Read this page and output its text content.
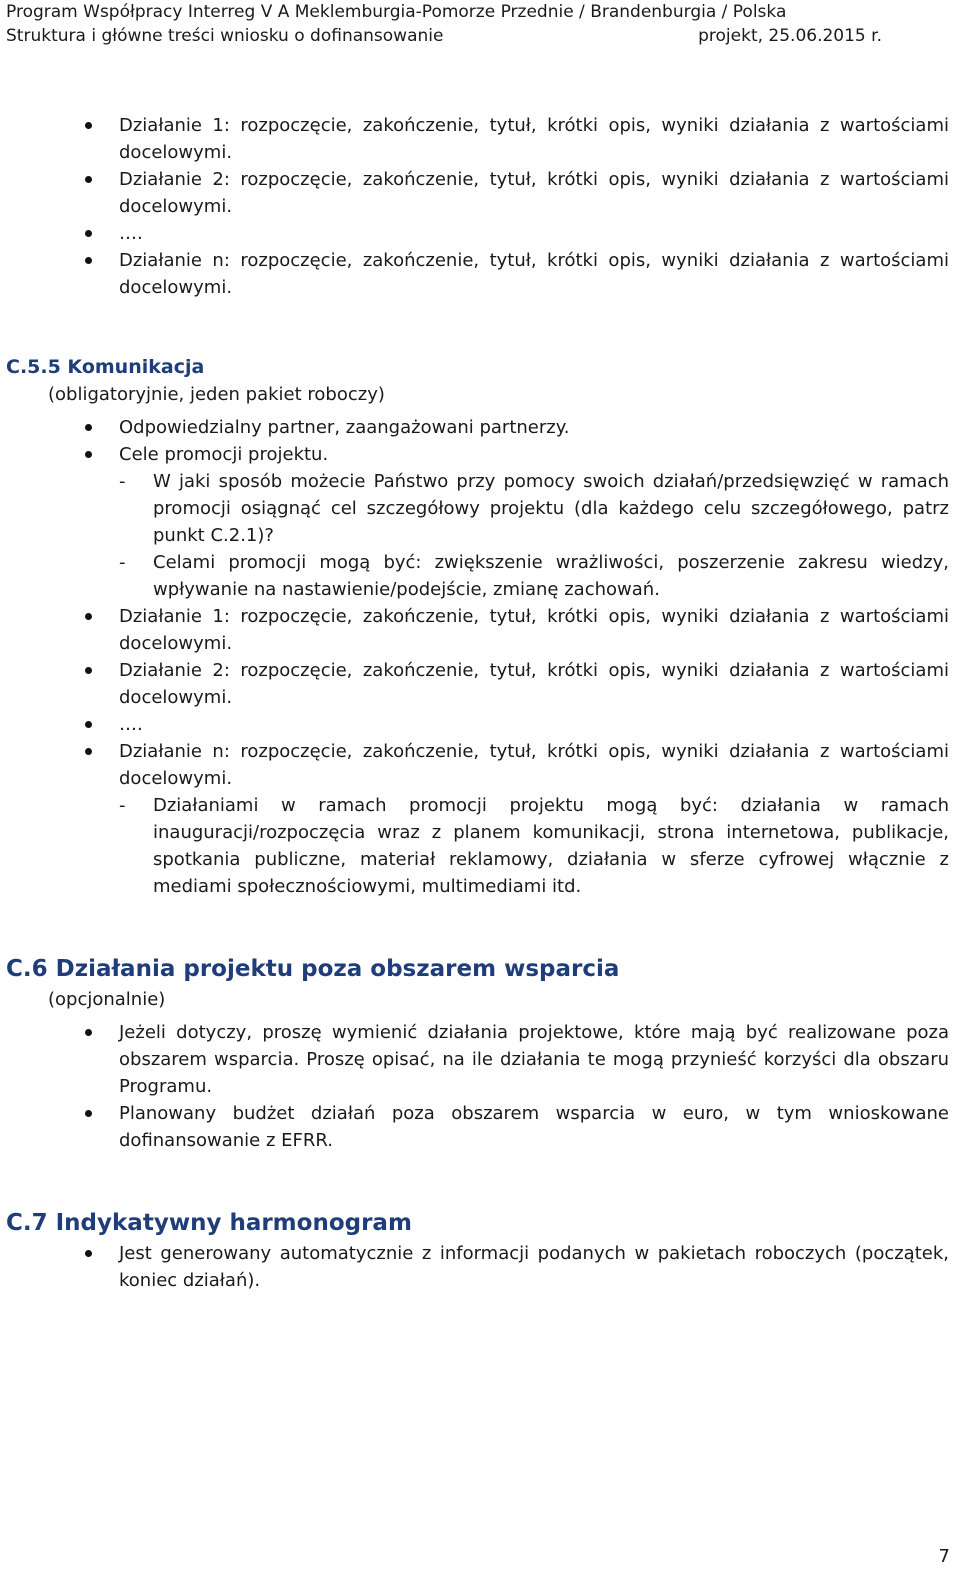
Program Współpracy Interreg V A Meklemburgia-Pomorze Przednie / Brandenburgia / Polska
Struktura i główne treści wniosku o dofinansowanie	projekt, 25.06.2015 r.
Działanie 1: rozpoczęcie, zakończenie, tytuł, krótki opis, wyniki działania z wartościami docelowymi.
Działanie 2: rozpoczęcie, zakończenie, tytuł, krótki opis, wyniki działania z wartościami docelowymi.
….
Działanie n: rozpoczęcie, zakończenie, tytuł, krótki opis, wyniki działania z wartościami docelowymi.
C.5.5 Komunikacja
(obligatoryjnie, jeden pakiet roboczy)
Odpowiedzialny partner, zaangażowani partnerzy.
Cele promocji projektu.
- W jaki sposób możecie Państwo przy pomocy swoich działań/przedsięwzięć w ramach promocji osiągnąć cel szczegółowy projektu (dla każdego celu szczegółowego, patrz punkt C.2.1)?
- Celami promocji mogą być: zwiększenie wrażliwości, poszerzenie zakresu wiedzy, wpływanie na nastawienie/podejście, zmianę zachowań.
Działanie 1: rozpoczęcie, zakończenie, tytuł, krótki opis, wyniki działania z wartościami docelowymi.
Działanie 2: rozpoczęcie, zakończenie, tytuł, krótki opis, wyniki działania z wartościami docelowymi.
….
Działanie n: rozpoczęcie, zakończenie, tytuł, krótki opis, wyniki działania z wartościami docelowymi.
- Działaniami w ramach promocji projektu mogą być: działania w ramach inauguracji/rozpoczęcia wraz z planem komunikacji, strona internetowa, publikacje, spotkania publiczne, materiał reklamowy, działania w sferze cyfrowej włącznie z mediami społecznościowymi, multimediami itd.
C.6 Działania projektu poza obszarem wsparcia
(opcjonalnie)
Jeżeli dotyczy, proszę wymienić działania projektowe, które mają być realizowane poza obszarem wsparcia. Proszę opisać, na ile działania te mogą przynieść korzyści dla obszaru Programu.
Planowany budżet działań poza obszarem wsparcia w euro, w tym wnioskowane dofinansowanie z EFRR.
C.7 Indykatywny harmonogram
Jest generowany automatycznie z informacji podanych w pakietach roboczych (początek, koniec działań).
7
